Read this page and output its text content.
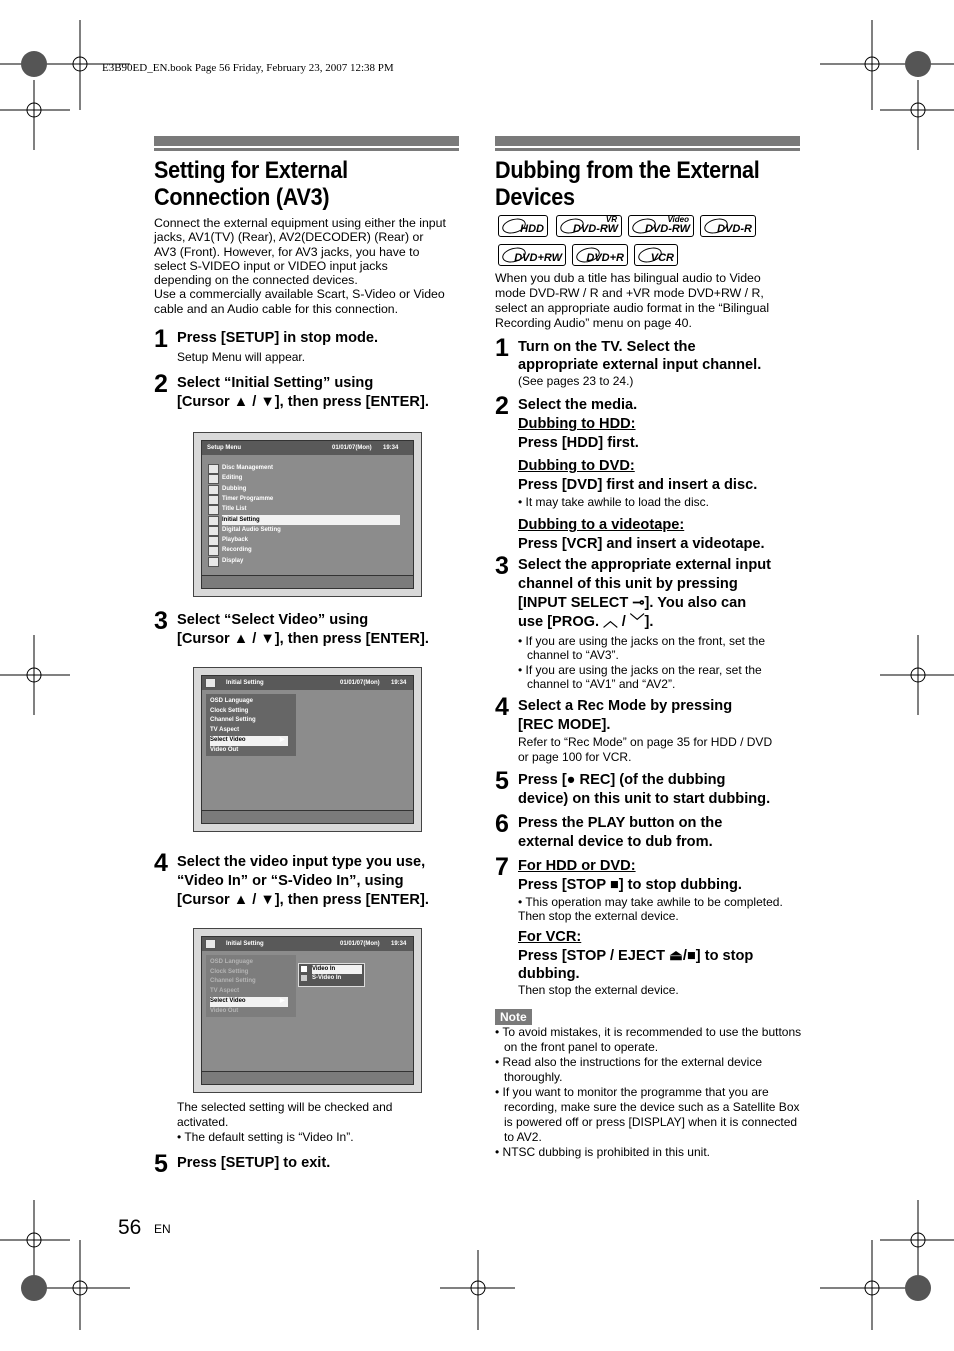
E3B90ED_EN.book Page 56 Friday, February 23, 2007 12:38 PM
Setting for External Connection (AV3)
Connect the external equipment using either the input
jacks, AV1(TV) (Rear), AV2(DECODER) (Rear) or
AV3 (Front). However, for AV3 jacks, you have to
select S-VIDEO input or VIDEO input jacks
depending on the connected devices.
Use a commercially available Scart, S-Video or Video
cable and an Audio cable for this connection.
1 Press [SETUP] in stop mode.
Setup Menu will appear.
2 Select “Initial Setting” using
[Cursor ▲ / ▼], then press [ENTER].
Setup Menu	01/01/07(Mon) 19:34
Disc Management
Editing
Dubbing
Timer Programme
Title List
Initial Setting
Digital Audio Setting
Playback
Recording
Display
3 Select “Select Video” using
[Cursor ▲ / ▼], then press [ENTER].
Initial Setting	01/01/07(Mon) 19:34
OSD Language
Clock Setting
Channel Setting
TV Aspect
Select Video	▶
Video Out
4 Select the video input type you use,
“Video In” or “S-Video In”, using
[Cursor ▲ / ▼], then press [ENTER].
Initial Setting	01/01/07(Mon) 19:34
OSD Language
Clock Setting
Channel Setting
TV Aspect
Select Video	▶
Video Out
Video In
S-Video In
The selected setting will be checked and
activated.
• The default setting is “Video In”.
5 Press [SETUP] to exit.
Dubbing from the External Devices
HDD	DVD-RW
VR
DVD-RW
Video
DVD-R
DVD+RW DVD+R VCR
When you dub a title has bilingual audio to Video
mode DVD-RW / R and +VR mode DVD+RW / R,
select an appropriate audio format in the “Bilingual
Recording Audio” menu on page 40.
1 Turn on the TV. Select the
appropriate external input channel.
(See pages 23 to 24.)
2 Select the media.
Dubbing to HDD:
Press [HDD] first.
Dubbing to DVD:
Press [DVD] first and insert a disc.
• It may take awhile to load the disc.
Dubbing to a videotape:
Press [VCR] and insert a videotape.
3 Select the appropriate external input
channel of this unit by pressing
[INPUT SELECT ⊸]. You also can
use [PROG. ︿ / ﹀].
• If you are using the jacks on the front, set the channel to “AV3”.
• If you are using the jacks on the rear, set the channel to “AV1” and “AV2”.
4 Select a Rec Mode by pressing
[REC MODE].
Refer to “Rec Mode” on page 35 for HDD / DVD
or page 100 for VCR.
5 Press [● REC] (of the dubbing
device) on this unit to start dubbing.
6 Press the PLAY button on the
external device to dub from.
7 For HDD or DVD:
Press [STOP ■] to stop dubbing.
• This operation may take awhile to be completed.
Then stop the external device.
For VCR:
Press [STOP / EJECT ⏏/■] to stop
dubbing.
Then stop the external device.
Note
• To avoid mistakes, it is recommended to use the buttons on the front panel to operate.
• Read also the instructions for the external device thoroughly.
• If you want to monitor the programme that you are recording, make sure the device such as a Satellite Box is powered off or press [DISPLAY] when it is connected to AV2.
• NTSC dubbing is prohibited in this unit.
56 EN
